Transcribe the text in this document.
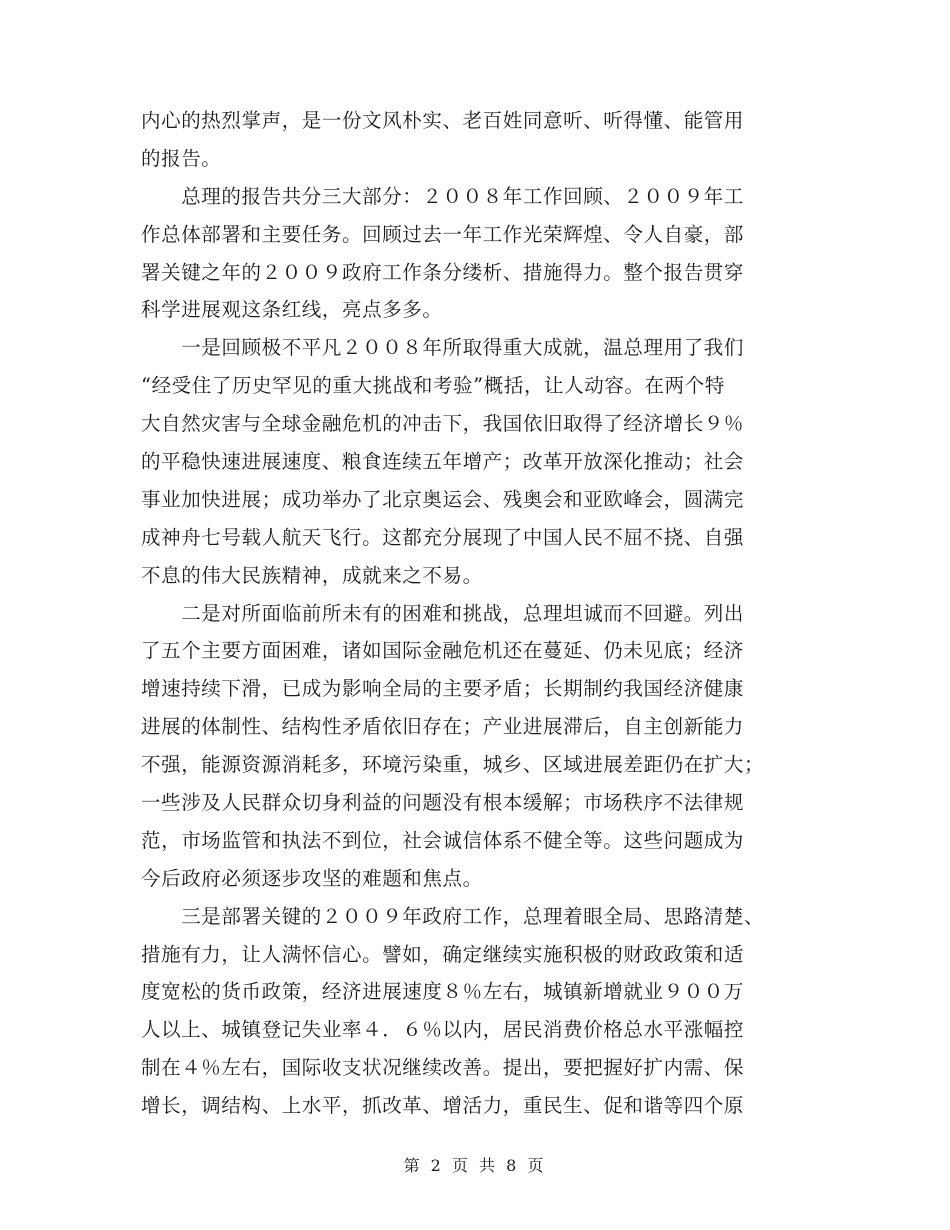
内心的热烈掌声，是一份文风朴实、老百姓同意听、听得懂、能管用
的报告。
　　总理的报告共分三大部分：２００８年工作回顾、２００９年工
作总体部署和主要任务。回顾过去一年工作光荣辉煌、令人自豪，部
署关键之年的２００９政府工作条分缕析、措施得力。整个报告贯穿
科学进展观这条红线，亮点多多。
　　一是回顾极不平凡２００８年所取得重大成就，温总理用了我们
“经受住了历史罕见的重大挑战和考验”概括，让人动容。在两个特
大自然灾害与全球金融危机的冲击下，我国依旧取得了经济增长９％
的平稳快速进展速度、粮食连续五年增产；改革开放深化推动；社会
事业加快进展；成功举办了北京奥运会、残奥会和亚欧峰会，圆满完
成神舟七号载人航天飞行。这都充分展现了中国人民不屈不挠、自强
不息的伟大民族精神，成就来之不易。
　　二是对所面临前所未有的困难和挑战，总理坦诚而不回避。列出
了五个主要方面困难，诸如国际金融危机还在蔓延、仍未见底；经济
增速持续下滑，已成为影响全局的主要矛盾；长期制约我国经济健康
进展的体制性、结构性矛盾依旧存在；产业进展滞后，自主创新能力
不强，能源资源消耗多，环境污染重，城乡、区域进展差距仍在扩大；
一些涉及人民群众切身利益的问题没有根本缓解；市场秩序不法律规
范，市场监管和执法不到位，社会诚信体系不健全等。这些问题成为
今后政府必须逐步攻坚的难题和焦点。
　　三是部署关键的２００９年政府工作，总理着眼全局、思路清楚、
措施有力，让人满怀信心。譬如，确定继续实施积极的财政政策和适
度宽松的货币政策，经济进展速度８％左右，城镇新增就业９００万
人以上、城镇登记失业率４．６％以内，居民消费价格总水平涨幅控
制在４％左右，国际收支状况继续改善。提出，要把握好扩内需、保
增长，调结构、上水平，抓改革、增活力，重民生、促和谐等四个原
第 2 页 共 8 页
